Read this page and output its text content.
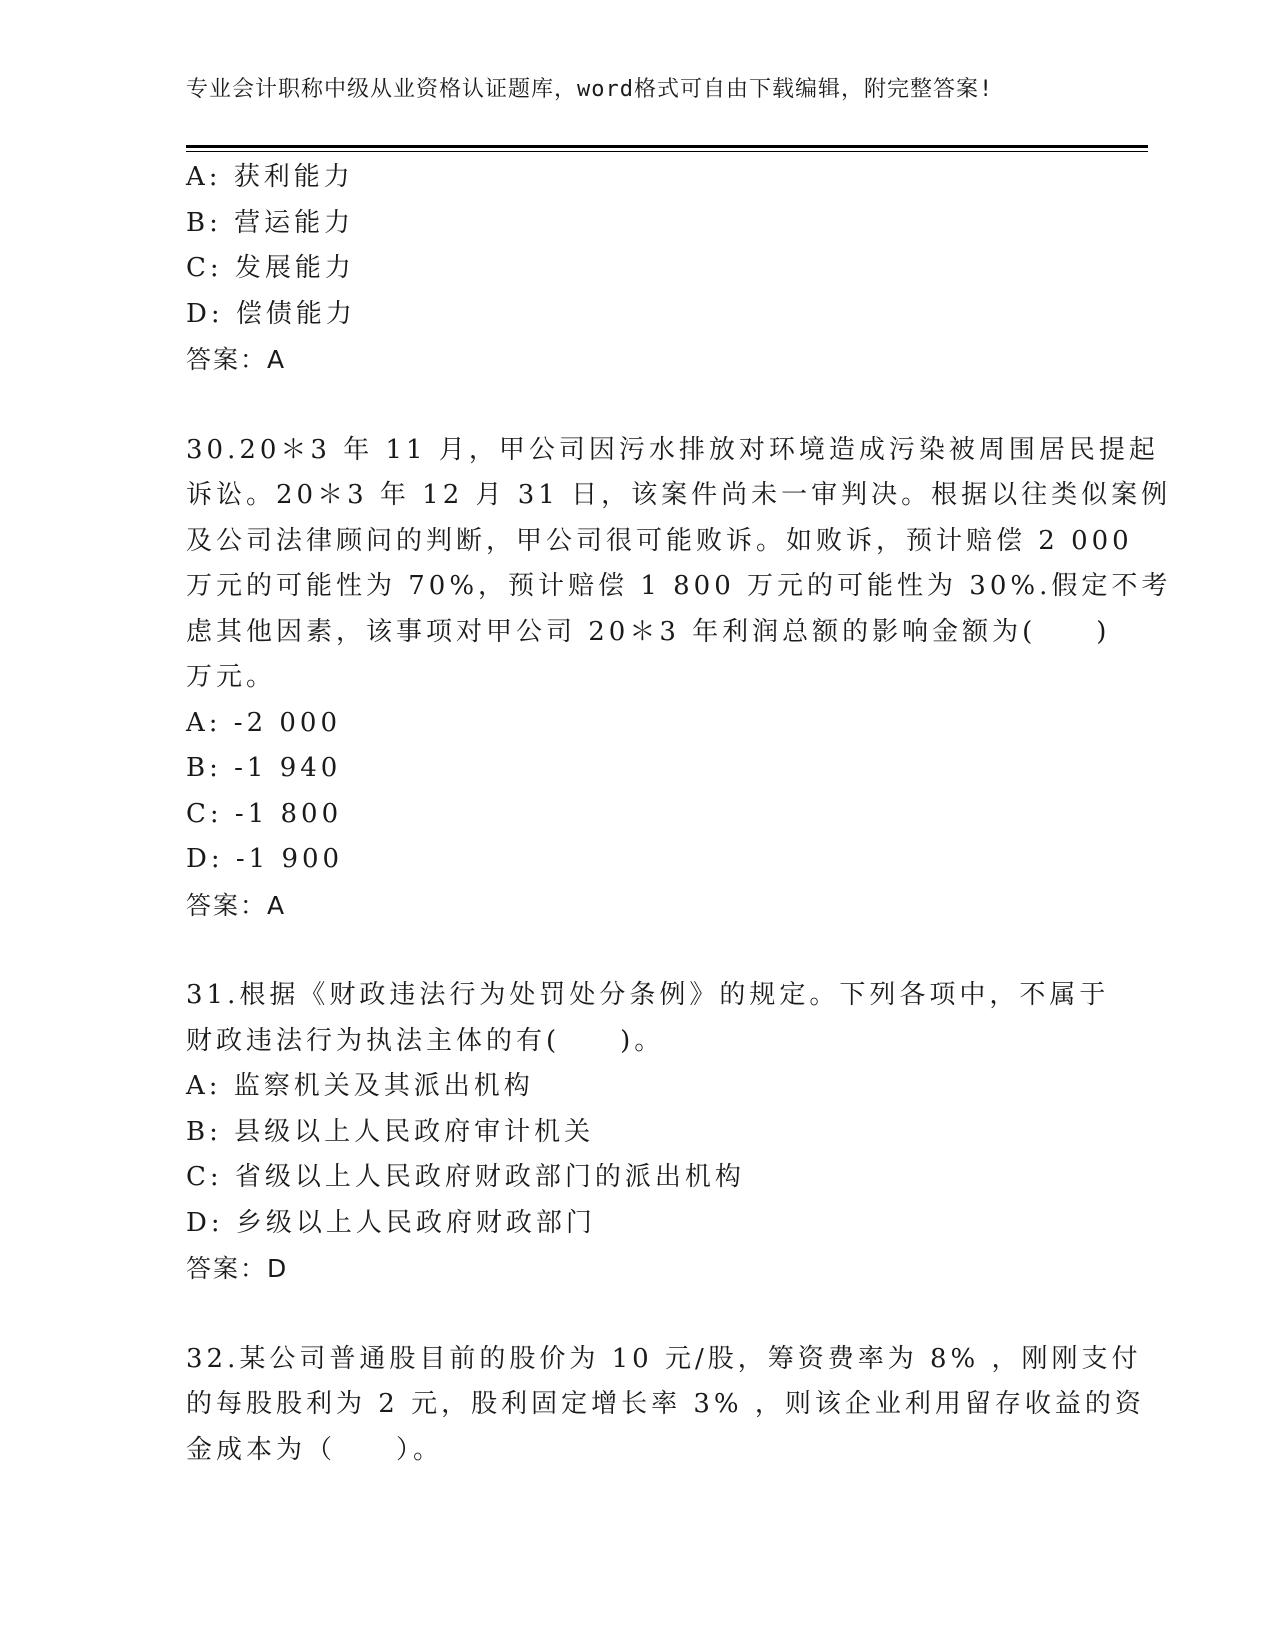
专业会计职称中级从业资格认证题库，word格式可自由下载编辑，附完整答案!
A: 获利能力
B: 营运能力
C: 发展能力
D: 偿债能力
答案：A
30.20＊3 年 11 月，甲公司因污水排放对环境造成污染被周围居民提起
诉讼。20＊3 年 12 月 31 日，该案件尚未一审判决。根据以往类似案例
及公司法律顾问的判断，甲公司很可能败诉。如败诉，预计赔偿 2 000
万元的可能性为 70%，预计赔偿 1 800 万元的可能性为 30%.假定不考
虑其他因素，该事项对甲公司 20＊3 年利润总额的影响金额为(　　)
万元。
A: -2 000
B: -1 940
C: -1 800
D: -1 900
答案：A
31.根据《财政违法行为处罚处分条例》的规定。下列各项中，不属于
财政违法行为执法主体的有(　　)。
A: 监察机关及其派出机构
B: 县级以上人民政府审计机关
C: 省级以上人民政府财政部门的派出机构
D: 乡级以上人民政府财政部门
答案：D
32.某公司普通股目前的股价为 10 元/股，筹资费率为 8% ，刚刚支付
的每股股利为 2 元，股利固定增长率 3% ，则该企业利用留存收益的资
金成本为（　　）。
